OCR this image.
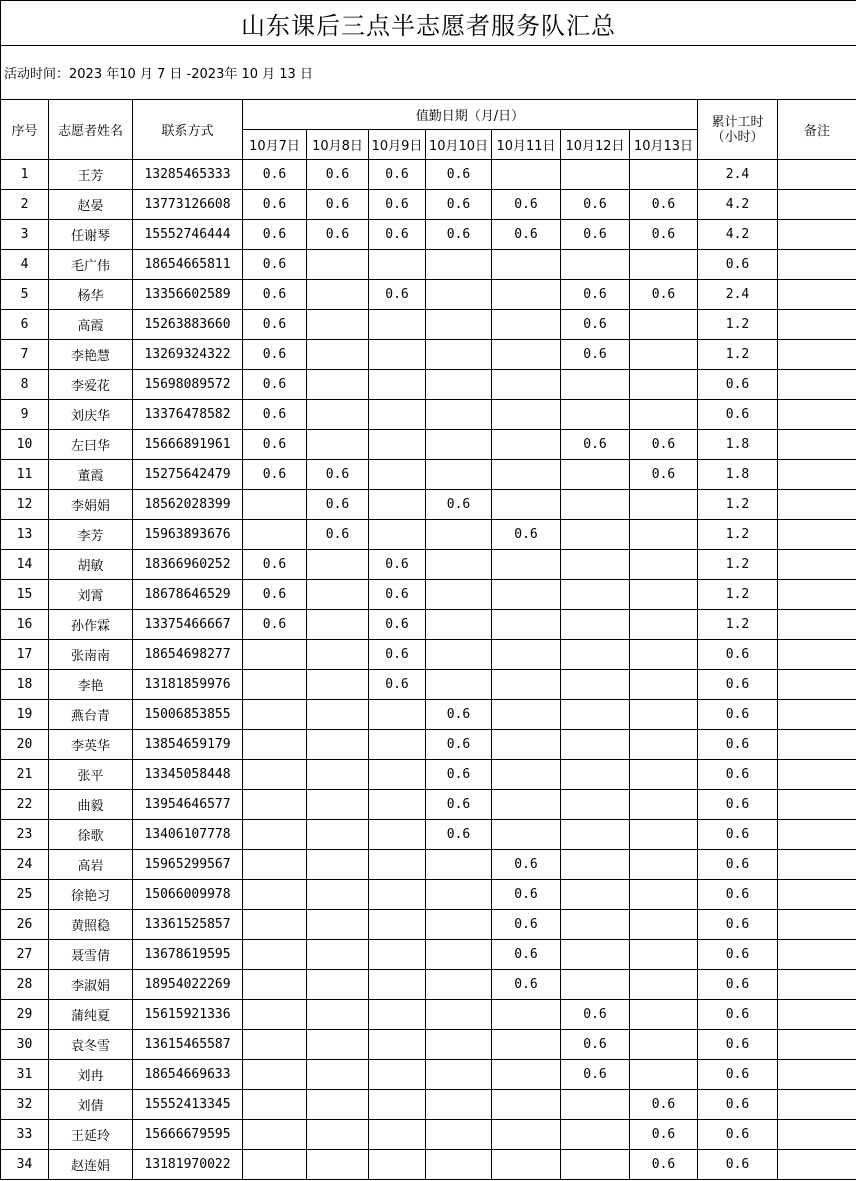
山东课后三点半志愿者服务队汇总											
活动时间：2023 年10 月 7 日 -2023年 10 月 13 日											
序号	志愿者姓名	联系方式	值勤日期（月/日）							累计工时（小时）	备注
			10月7日	10月8日	10月9日	10月10日	10月11日	10月12日	10月13日		
1	王芳	13285465333	0.6	0.6	0.6	0.6				2.4	
2	赵晏	13773126608	0.6	0.6	0.6	0.6	0.6	0.6	0.6	4.2	
3	任谢琴	15552746444	0.6	0.6	0.6	0.6	0.6	0.6	0.6	4.2	
4	毛广伟	18654665811	0.6							0.6	
5	杨华	13356602589	0.6		0.6			0.6	0.6	2.4	
6	高霞	15263883660	0.6					0.6		1.2	
7	李艳慧	13269324322	0.6					0.6		1.2	
8	李爱花	15698089572	0.6							0.6	
9	刘庆华	13376478582	0.6							0.6	
10	左曰华	15666891961	0.6					0.6	0.6	1.8	
11	董霞	15275642479	0.6	0.6					0.6	1.8	
12	李娟娟	18562028399		0.6		0.6				1.2	
13	李芳	15963893676		0.6			0.6			1.2	
14	胡敏	18366960252	0.6		0.6					1.2	
15	刘霄	18678646529	0.6		0.6					1.2	
16	孙作霖	13375466667	0.6		0.6					1.2	
17	张南南	18654698277			0.6					0.6	
18	李艳	13181859976			0.6					0.6	
19	燕台青	15006853855				0.6				0.6	
20	李英华	13854659179				0.6				0.6	
21	张平	13345058448				0.6				0.6	
22	曲毅	13954646577				0.6				0.6	
23	徐歌	13406107778				0.6				0.6	
24	高岩	15965299567					0.6			0.6	
25	徐艳习	15066009978					0.6			0.6	
26	黄照稳	13361525857					0.6			0.6	
27	聂雪倩	13678619595					0.6			0.6	
28	李淑娟	18954022269					0.6			0.6	
29	蒲纯夏	15615921336						0.6		0.6	
30	袁冬雪	13615465587						0.6		0.6	
31	刘冉	18654669633						0.6		0.6	
32	刘倩	15552413345							0.6	0.6	
33	王延玲	15666679595							0.6	0.6	
34	赵连娟	13181970022							0.6	0.6	
